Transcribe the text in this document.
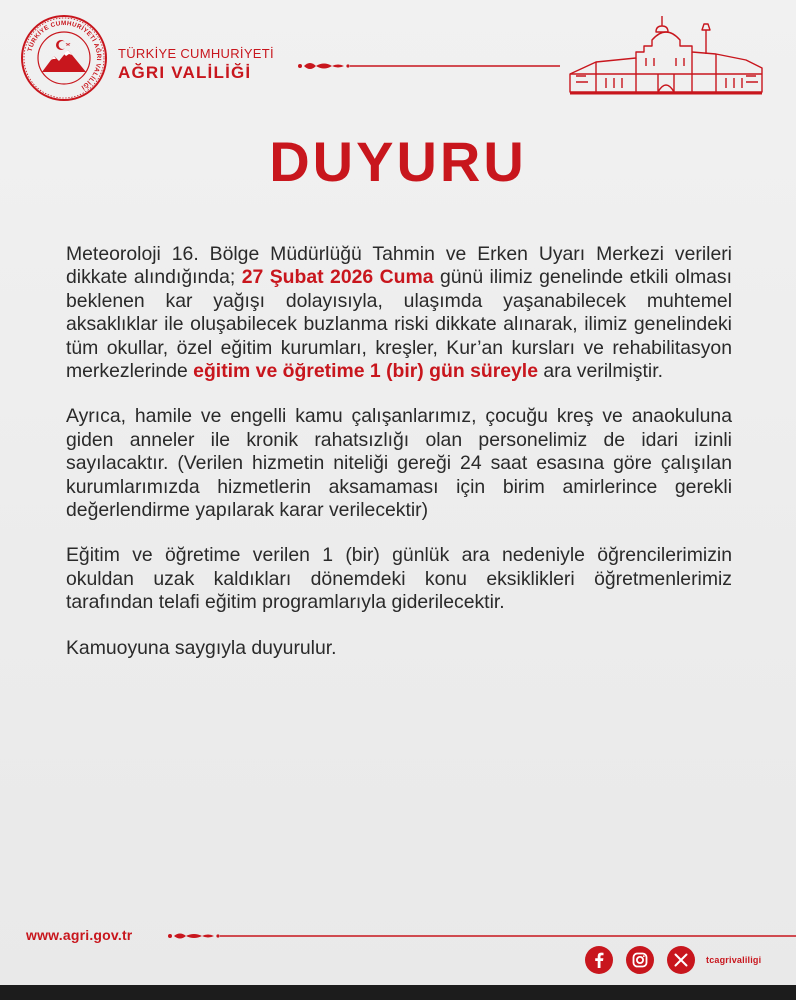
TÜRKİYE CUMHURİYETİ AĞRI VALİLİĞİ
TÜRKİYE CUMHURİYETİ
AĞRI VALİLİĞİ
DUYURU

Meteoroloji 16. Bölge Müdürlüğü Tahmin ve Erken Uyarı Merkezi verileri dikkate alındığında; 27 Şubat 2026 Cuma günü ilimiz genelinde etkili olması beklenen kar yağışı dolayısıyla, ulaşımda yaşanabilecek muhtemel aksaklıklar ile oluşabilecek buzlanma riski dikkate alınarak, ilimiz genelindeki tüm okullar, özel eğitim kurumları, kreşler, Kur’an kursları ve rehabilitasyon merkezlerinde eğitim ve öğretime 1 (bir) gün süreyle ara verilmiştir.

Ayrıca, hamile ve engelli kamu çalışanlarımız, çocuğu kreş ve anaokuluna giden anneler ile kronik rahatsızlığı olan personelimiz de idari izinli sayılacaktır. (Verilen hizmetin niteliği gereği 24 saat esasına göre çalışılan kurumlarımızda hizmetlerin aksamaması için birim amirlerince gerekli değerlendirme yapılarak karar verilecektir)

Eğitim ve öğretime verilen 1 (bir) günlük ara nedeniyle öğrencilerimizin okuldan uzak kaldıkları dönemdeki konu eksiklikleri öğretmenlerimiz tarafından telafi eğitim programlarıyla giderilecektir.

Kamuoyuna saygıyla duyurulur.

www.agri.gov.tr
tcagrivaliligi
